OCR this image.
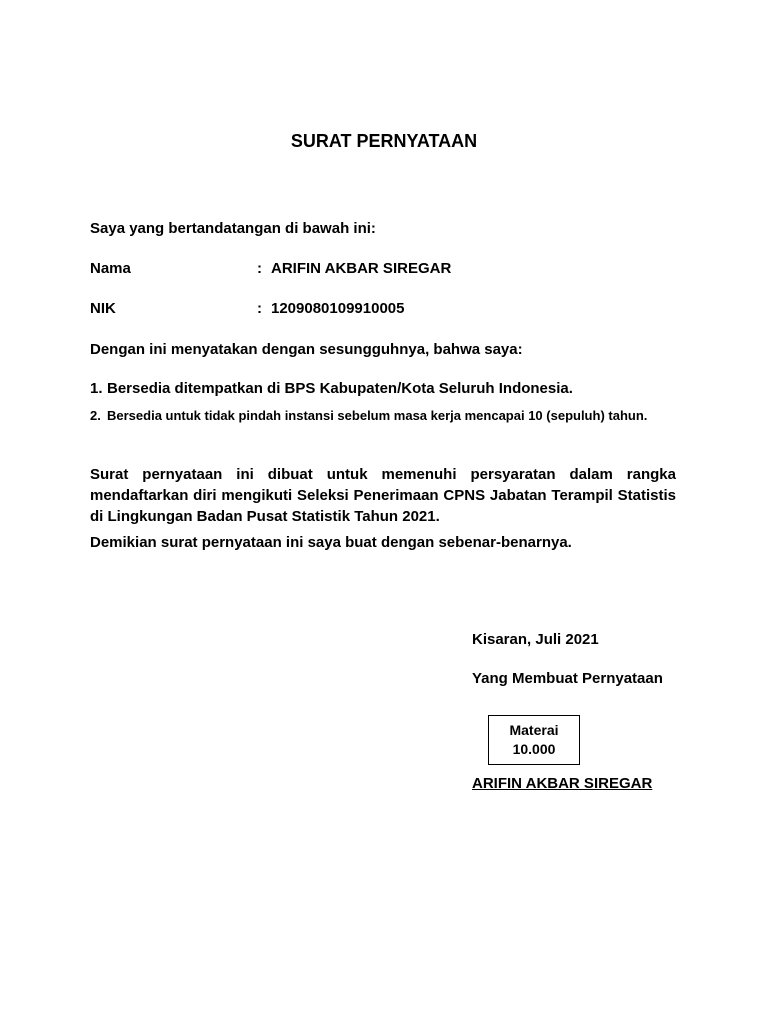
SURAT PERNYATAAN
Saya yang bertandatangan di bawah ini:
Nama	: ARIFIN AKBAR SIREGAR
NIK	: 1209080109910005
Dengan ini menyatakan dengan sesungguhnya, bahwa saya:
1. Bersedia ditempatkan di BPS Kabupaten/Kota Seluruh Indonesia.
2. Bersedia untuk tidak pindah instansi sebelum masa kerja mencapai 10 (sepuluh) tahun.
Surat pernyataan ini dibuat untuk memenuhi persyaratan dalam rangka mendaftarkan diri mengikuti Seleksi Penerimaan CPNS Jabatan Terampil Statistis di Lingkungan Badan Pusat Statistik Tahun 2021.
Demikian surat pernyataan ini saya buat dengan sebenar-benarnya.
Kisaran, Juli 2021
Yang Membuat Pernyataan
Materai
10.000
ARIFIN AKBAR SIREGAR
